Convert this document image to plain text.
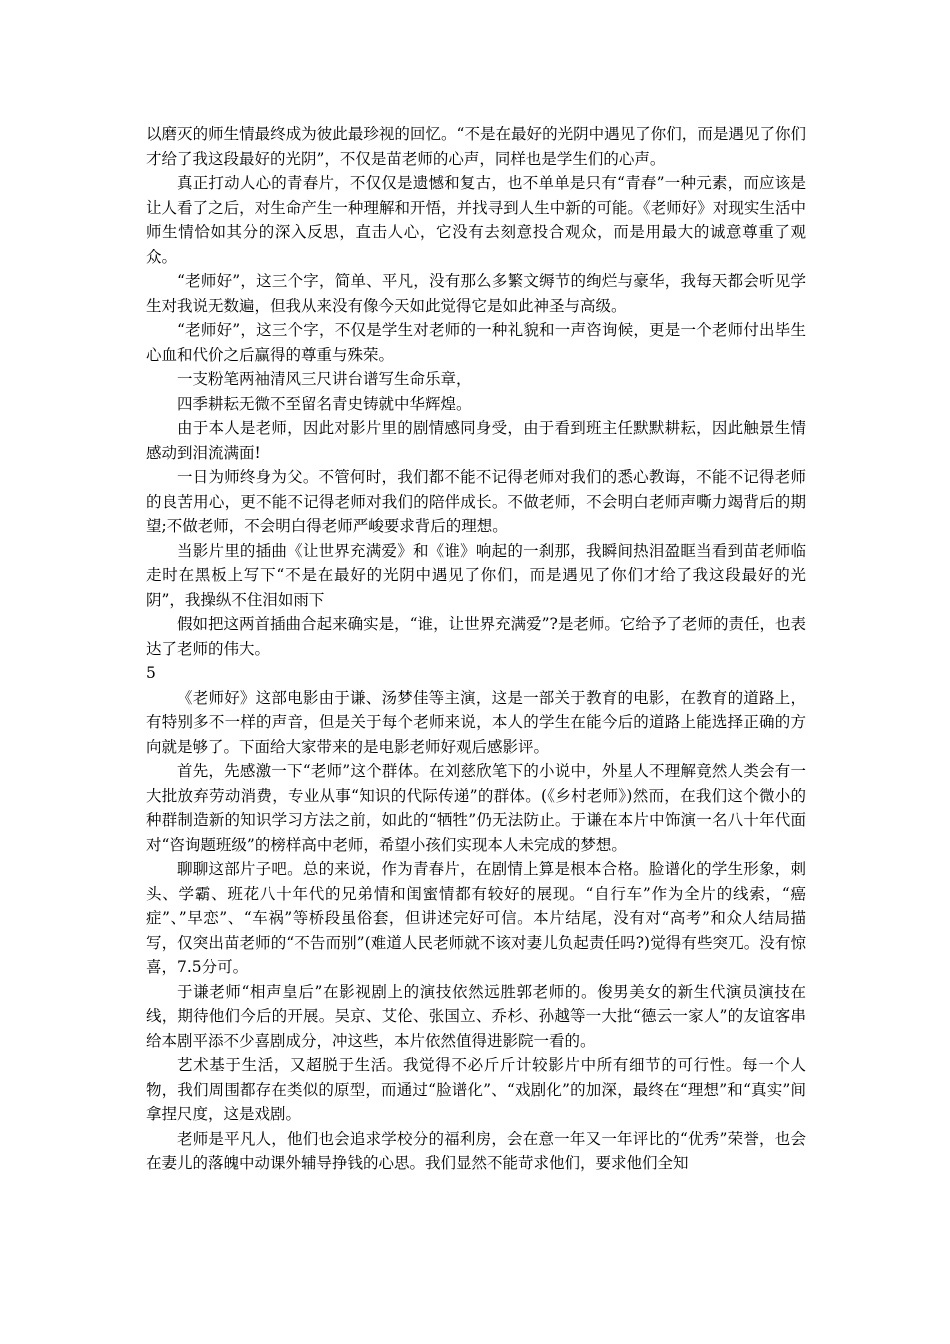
以磨灭的师生情最终成为彼此最珍视的回忆。“不是在最好的光阴中遇见了你们，而是遇见了你们才给了我这段最好的光阴”，不仅是苗老师的心声，同样也是学生们的心声。

真正打动人心的青春片，不仅仅是遗憾和复古，也不单单是只有“青春”一种元素，而应该是让人看了之后，对生命产生一种理解和开悟，并找寻到人生中新的可能。《老师好》对现实生活中师生情恰如其分的深入反思，直击人心，它没有去刻意投合观众，而是用最大的诚意尊重了观众。

“老师好”，这三个字，简单、平凡，没有那么多繁文缛节的绚烂与豪华，我每天都会听见学生对我说无数遍，但我从来没有像今天如此觉得它是如此神圣与高级。

“老师好”，这三个字，不仅是学生对老师的一种礼貌和一声咨询候，更是一个老师付出毕生心血和代价之后赢得的尊重与殊荣。

一支粉笔两袖清风三尺讲台谱写生命乐章，

四季耕耘无微不至留名青史铸就中华辉煌。

由于本人是老师，因此对影片里的剧情感同身受，由于看到班主任默默耕耘，因此触景生情感动到泪流满面!

一日为师终身为父。不管何时，我们都不能不记得老师对我们的悉心教诲，不能不记得老师的良苦用心，更不能不记得老师对我们的陪伴成长。不做老师，不会明白老师声嘶力竭背后的期望;不做老师，不会明白得老师严峻要求背后的理想。

当影片里的插曲《让世界充满爱》和《谁》响起的一刹那，我瞬间热泪盈眶当看到苗老师临走时在黑板上写下“不是在最好的光阴中遇见了你们，而是遇见了你们才给了我这段最好的光阴”，我操纵不住泪如雨下

假如把这两首插曲合起来确实是，“谁，让世界充满爱”?是老师。它给予了老师的责任，也表达了老师的伟大。

5

《老师好》这部电影由于谦、汤梦佳等主演，这是一部关于教育的电影，在教育的道路上，有特别多不一样的声音，但是关于每个老师来说，本人的学生在能今后的道路上能选择正确的方向就是够了。下面给大家带来的是电影老师好观后感影评。

首先，先感激一下“老师”这个群体。在刘慈欣笔下的小说中，外星人不理解竟然人类会有一大批放弃劳动消费，专业从事“知识的代际传递”的群体。(《乡村老师》)然而，在我们这个微小的种群制造新的知识学习方法之前，如此的“牺牲”仍无法防止。于谦在本片中饰演一名八十年代面对“咨询题班级”的榜样高中老师，希望小孩们实现本人未完成的梦想。

聊聊这部片子吧。总的来说，作为青春片，在剧情上算是根本合格。脸谱化的学生形象，刺头、学霸、班花八十年代的兄弟情和闺蜜情都有较好的展现。“自行车”作为全片的线索，“癌症”、”早恋”、“车祸”等桥段虽俗套，但讲述完好可信。本片结尾，没有对“高考”和众人结局描写，仅突出苗老师的“不告而别”(难道人民老师就不该对妻儿负起责任吗?)觉得有些突兀。没有惊喜，7.5分可。

于谦老师“相声皇后”在影视剧上的演技依然远胜郭老师的。俊男美女的新生代演员演技在线，期待他们今后的开展。吴京、艾伦、张国立、乔杉、孙越等一大批“德云一家人”的友谊客串给本剧平添不少喜剧成分，冲这些，本片依然值得进影院一看的。

艺术基于生活，又超脱于生活。我觉得不必斤斤计较影片中所有细节的可行性。每一个人物，我们周围都存在类似的原型，而通过“脸谱化”、“戏剧化”的加深，最终在“理想”和“真实”间拿捏尺度，这是戏剧。

老师是平凡人，他们也会追求学校分的福利房，会在意一年又一年评比的“优秀”荣誉，也会在妻儿的落魄中动课外辅导挣钱的心思。我们显然不能苛求他们，要求他们全知
